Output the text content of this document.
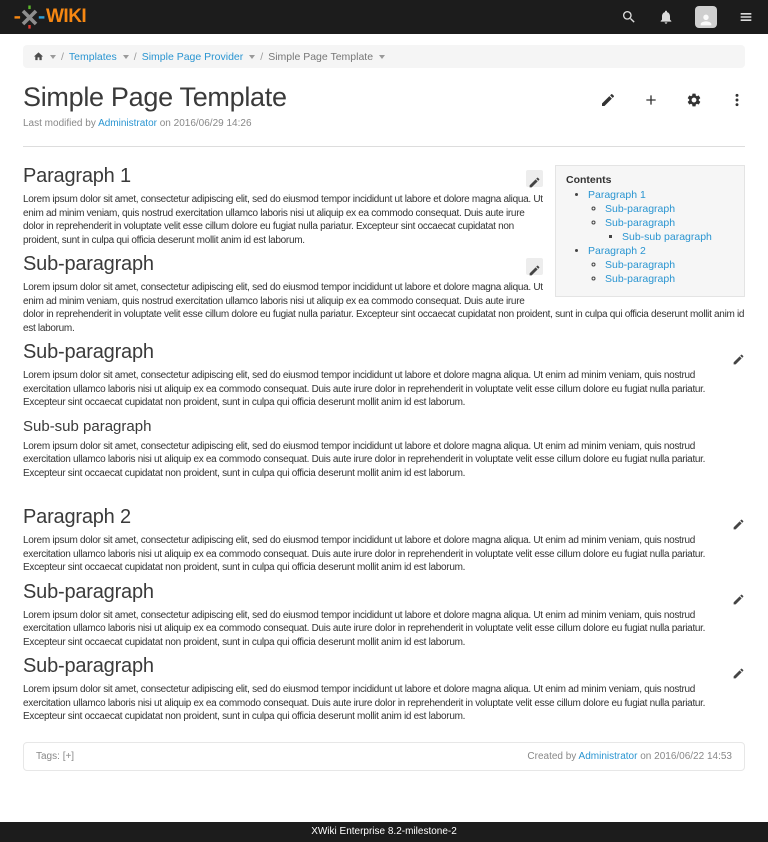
WIKI
/ Templates / Simple Page Provider / Simple Page Template
Simple Page Template
Last modified by Administrator on 2016/06/29 14:26
Contents
• Paragraph 1
◦ Sub-paragraph
◦ Sub-paragraph
▪ Sub-sub paragraph
• Paragraph 2
◦ Sub-paragraph
◦ Sub-paragraph
Paragraph 1

Lorem ipsum dolor sit amet, consectetur adipiscing elit, sed do eiusmod tempor incididunt ut labore et dolore magna aliqua. Ut enim ad minim veniam, quis nostrud exercitation ullamco laboris nisi ut aliquip ex ea commodo consequat. Duis aute irure dolor in reprehenderit in voluptate velit esse cillum dolore eu fugiat nulla pariatur. Excepteur sint occaecat cupidatat non proident, sunt in culpa qui officia deserunt mollit anim id est laborum.

Sub-paragraph

Lorem ipsum dolor sit amet, consectetur adipiscing elit, sed do eiusmod tempor incididunt ut labore et dolore magna aliqua. Ut enim ad minim veniam, quis nostrud exercitation ullamco laboris nisi ut aliquip ex ea commodo consequat. Duis aute irure dolor in reprehenderit in voluptate velit esse cillum dolore eu fugiat nulla pariatur. Excepteur sint occaecat cupidatat non proident, sunt in culpa qui officia deserunt mollit anim id est laborum.

Sub-paragraph

Lorem ipsum dolor sit amet, consectetur adipiscing elit, sed do eiusmod tempor incididunt ut labore et dolore magna aliqua. Ut enim ad minim veniam, quis nostrud exercitation ullamco laboris nisi ut aliquip ex ea commodo consequat. Duis aute irure dolor in reprehenderit in voluptate velit esse cillum dolore eu fugiat nulla pariatur. Excepteur sint occaecat cupidatat non proident, sunt in culpa qui officia deserunt mollit anim id est laborum.

Sub-sub paragraph

Lorem ipsum dolor sit amet, consectetur adipiscing elit, sed do eiusmod tempor incididunt ut labore et dolore magna aliqua. Ut enim ad minim veniam, quis nostrud exercitation ullamco laboris nisi ut aliquip ex ea commodo consequat. Duis aute irure dolor in reprehenderit in voluptate velit esse cillum dolore eu fugiat nulla pariatur. Excepteur sint occaecat cupidatat non proident, sunt in culpa qui officia deserunt mollit anim id est laborum.

Paragraph 2

Lorem ipsum dolor sit amet, consectetur adipiscing elit, sed do eiusmod tempor incididunt ut labore et dolore magna aliqua. Ut enim ad minim veniam, quis nostrud exercitation ullamco laboris nisi ut aliquip ex ea commodo consequat. Duis aute irure dolor in reprehenderit in voluptate velit esse cillum dolore eu fugiat nulla pariatur. Excepteur sint occaecat cupidatat non proident, sunt in culpa qui officia deserunt mollit anim id est laborum.

Sub-paragraph

Lorem ipsum dolor sit amet, consectetur adipiscing elit, sed do eiusmod tempor incididunt ut labore et dolore magna aliqua. Ut enim ad minim veniam, quis nostrud exercitation ullamco laboris nisi ut aliquip ex ea commodo consequat. Duis aute irure dolor in reprehenderit in voluptate velit esse cillum dolore eu fugiat nulla pariatur. Excepteur sint occaecat cupidatat non proident, sunt in culpa qui officia deserunt mollit anim id est laborum.

Sub-paragraph

Lorem ipsum dolor sit amet, consectetur adipiscing elit, sed do eiusmod tempor incididunt ut labore et dolore magna aliqua. Ut enim ad minim veniam, quis nostrud exercitation ullamco laboris nisi ut aliquip ex ea commodo consequat. Duis aute irure dolor in reprehenderit in voluptate velit esse cillum dolore eu fugiat nulla pariatur. Excepteur sint occaecat cupidatat non proident, sunt in culpa qui officia deserunt mollit anim id est laborum.

Tags: [+]	Created by Administrator on 2016/06/22 14:53
XWiki Enterprise 8.2-milestone-2
